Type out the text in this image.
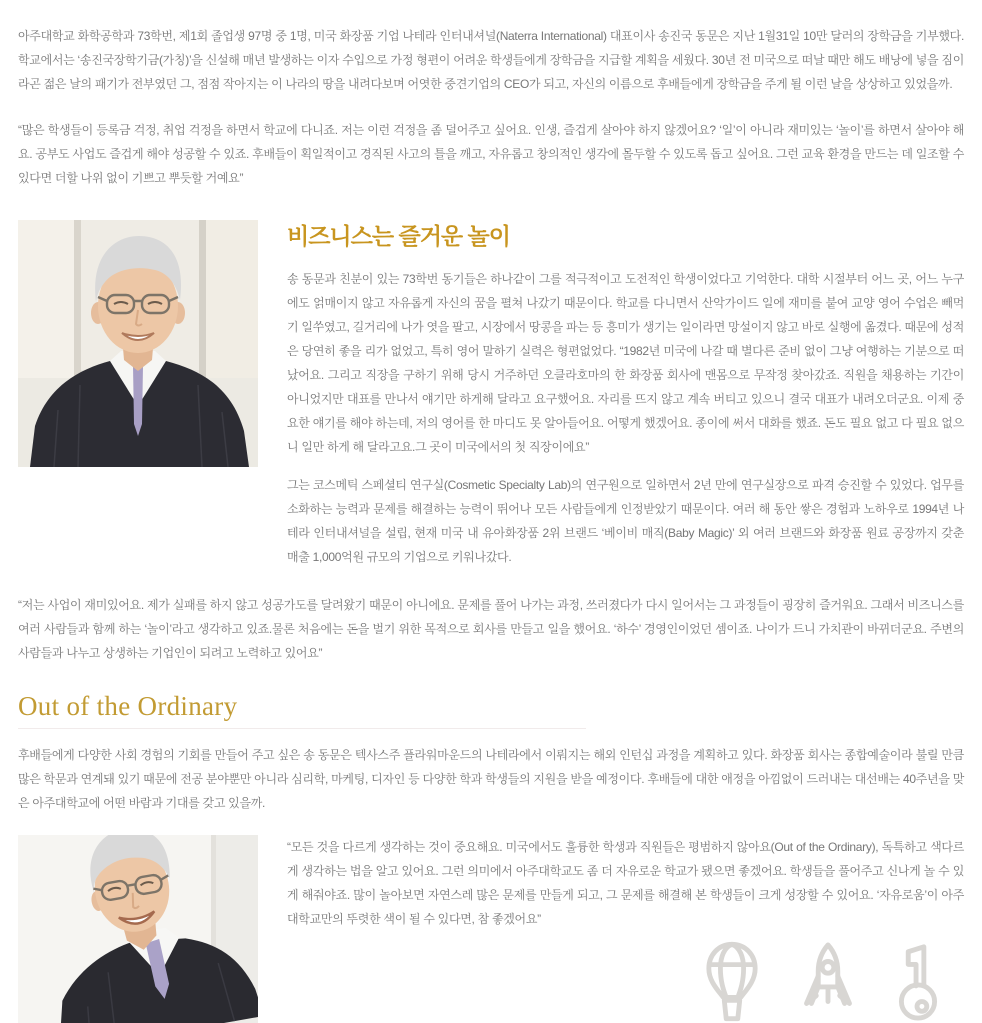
아주대학교 화학공학과 73학번, 제1회 졸업생 97명 중 1명, 미국 화장품 기업 나테라 인터내셔널(Naterra International) 대표이사 송진국 동문은 지난 1월31일 10만 달러의 장학금을 기부했다. 학교에서는 ‘송진국장학기금(가칭)’을 신설해 매년 발생하는 이자 수입으로 가정 형편이 어려운 학생들에게 장학금을 지급할 계획을 세웠다. 30년 전 미국으로 떠날 때만 해도 배낭에 넣을 짐이라곤 젊은 날의 패기가 전부였던 그, 점점 작아지는 이 나라의 땅을 내려다보며 어엿한 중견기업의 CEO가 되고, 자신의 이름으로 후배들에게 장학금을 주게 될 이런 날을 상상하고 있었을까.

“많은 학생들이 등록금 걱정, 취업 걱정을 하면서 학교에 다니죠. 저는 이런 걱정을 좀 덜어주고 싶어요. 인생, 즐겁게 살아야 하지 않겠어요? ‘일’이 아니라 재미있는 ‘놀이’를 하면서 살아야 해요. 공부도 사업도 즐겁게 해야 성공할 수 있죠. 후배들이 획일적이고 경직된 사고의 틀을 깨고, 자유롭고 창의적인 생각에 몰두할 수 있도록 돕고 싶어요. 그런 교육 환경을 만드는 데 일조할 수 있다면 더할 나위 없이 기쁘고 뿌듯할 거예요”

비즈니스는 즐거운 놀이

송 동문과 친분이 있는 73학번 동기들은 하나같이 그를 적극적이고 도전적인 학생이었다고 기억한다. 대학 시절부터 어느 곳, 어느 누구에도 얽매이지 않고 자유롭게 자신의 꿈을 펼쳐 나갔기 때문이다. 학교를 다니면서 산악가이드 일에 재미를 붙여 교양 영어 수업은 빼먹기 일쑤였고, 길거리에 나가 엿을 팔고, 시장에서 땅콩을 파는 등 흥미가 생기는 일이라면 망설이지 않고 바로 실행에 옮겼다. 때문에 성적은 당연히 좋을 리가 없었고, 특히 영어 말하기 실력은 형편없었다. “1982년 미국에 나갈 때 별다른 준비 없이 그냥 여행하는 기분으로 떠났어요. 그리고 직장을 구하기 위해 당시 거주하던 오클라호마의 한 화장품 회사에 맨몸으로 무작정 찾아갔죠. 직원을 채용하는 기간이 아니었지만 대표를 만나서 얘기만 하게해 달라고 요구했어요. 자리를 뜨지 않고 계속 버티고 있으니 결국 대표가 내려오더군요. 이제 중요한 얘기를 해야 하는데, 저의 영어를 한 마디도 못 알아들어요. 어떻게 했겠어요. 종이에 써서 대화를 했죠. 돈도 필요 없고 다 필요 없으니 일만 하게 해 달라고요.그 곳이 미국에서의 첫 직장이에요”

그는 코스메틱 스페셜티 연구실(Cosmetic Specialty Lab)의 연구원으로 일하면서 2년 만에 연구실장으로 파격 승진할 수 있었다. 업무를 소화하는 능력과 문제를 해결하는 능력이 뛰어나 모든 사람들에게 인정받았기 때문이다. 여러 해 동안 쌓은 경험과 노하우로 1994년 나테라 인터내셔널을 설립, 현재 미국 내 유아화장품 2위 브랜드 ‘베이비 매직(Baby Magic)’ 외 여러 브랜드와 화장품 원료 공장까지 갖춘 매출 1,000억원 규모의 기업으로 키워나갔다.

“저는 사업이 재미있어요. 제가 실패를 하지 않고 성공가도를 달려왔기 때문이 아니에요. 문제를 풀어 나가는 과정, 쓰러졌다가 다시 일어서는 그 과정들이 굉장히 즐거워요. 그래서 비즈니스를 여러 사람들과 함께 하는 ‘놀이’라고 생각하고 있죠.물론 처음에는 돈을 벌기 위한 목적으로 회사를 만들고 일을 했어요. ‘하수’ 경영인이었던 셈이죠. 나이가 드니 가치관이 바뀌더군요. 주변의 사람들과 나누고 상생하는 기업인이 되려고 노력하고 있어요”

Out of the Ordinary

후배들에게 다양한 사회 경험의 기회를 만들어 주고 싶은 송 동문은 텍사스주 플라워마운드의 나테라에서 이뤄지는 해외 인턴십 과정을 계획하고 있다. 화장품 회사는 종합예술이라 불릴 만큼 많은 학문과 연계돼 있기 때문에 전공 분야뿐만 아니라 심리학, 마케팅, 디자인 등 다양한 학과 학생들의 지원을 받을 예정이다. 후배들에 대한 애정을 아낌없이 드러내는 대선배는 40주년을 맞은 아주대학교에 어떤 바람과 기대를 갖고 있을까.

“모든 것을 다르게 생각하는 것이 중요해요. 미국에서도 훌륭한 학생과 직원들은 평범하지 않아요(Out of the Ordinary), 독특하고 색다르게 생각하는 법을 알고 있어요. 그런 의미에서 아주대학교도 좀 더 자유로운 학교가 됐으면 좋겠어요. 학생들을 풀어주고 신나게 놀 수 있게 해줘야죠. 많이 놀아보면 자연스레 많은 문제를 만들게 되고, 그 문제를 해결해 본 학생들이 크게 성장할 수 있어요. ‘자유로움’이 아주대학교만의 뚜렷한 색이 될 수 있다면, 참 좋겠어요”
